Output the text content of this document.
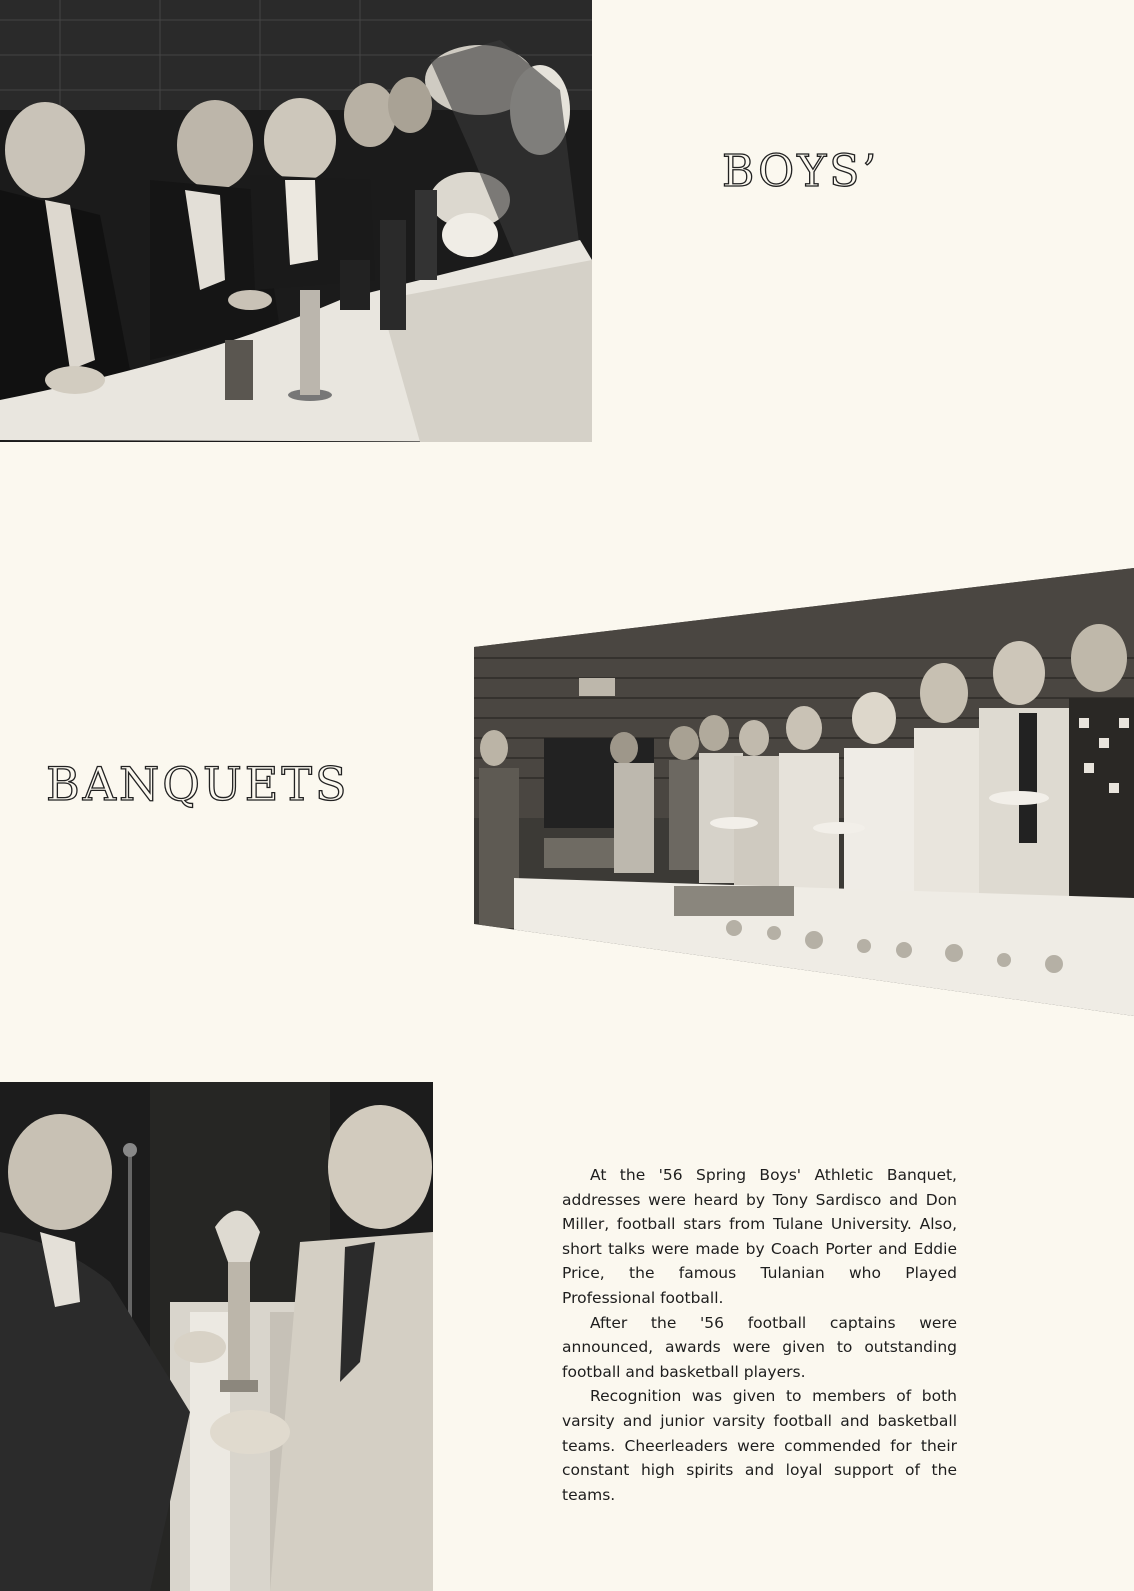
BOYS’
BANQUETS

At the '56 Spring Boys' Athletic Banquet, addresses were heard by Tony Sardisco and Don Miller, football stars from Tulane University. Also, short talks were made by Coach Porter and Eddie Price, the famous Tulanian who Played Professional football.

After the '56 football captains were announced, awards were given to outstanding football and basketball players.

Recognition was given to members of both varsity and junior varsity football and basketball teams. Cheerleaders were commended for their constant high spirits and loyal support of the teams.
